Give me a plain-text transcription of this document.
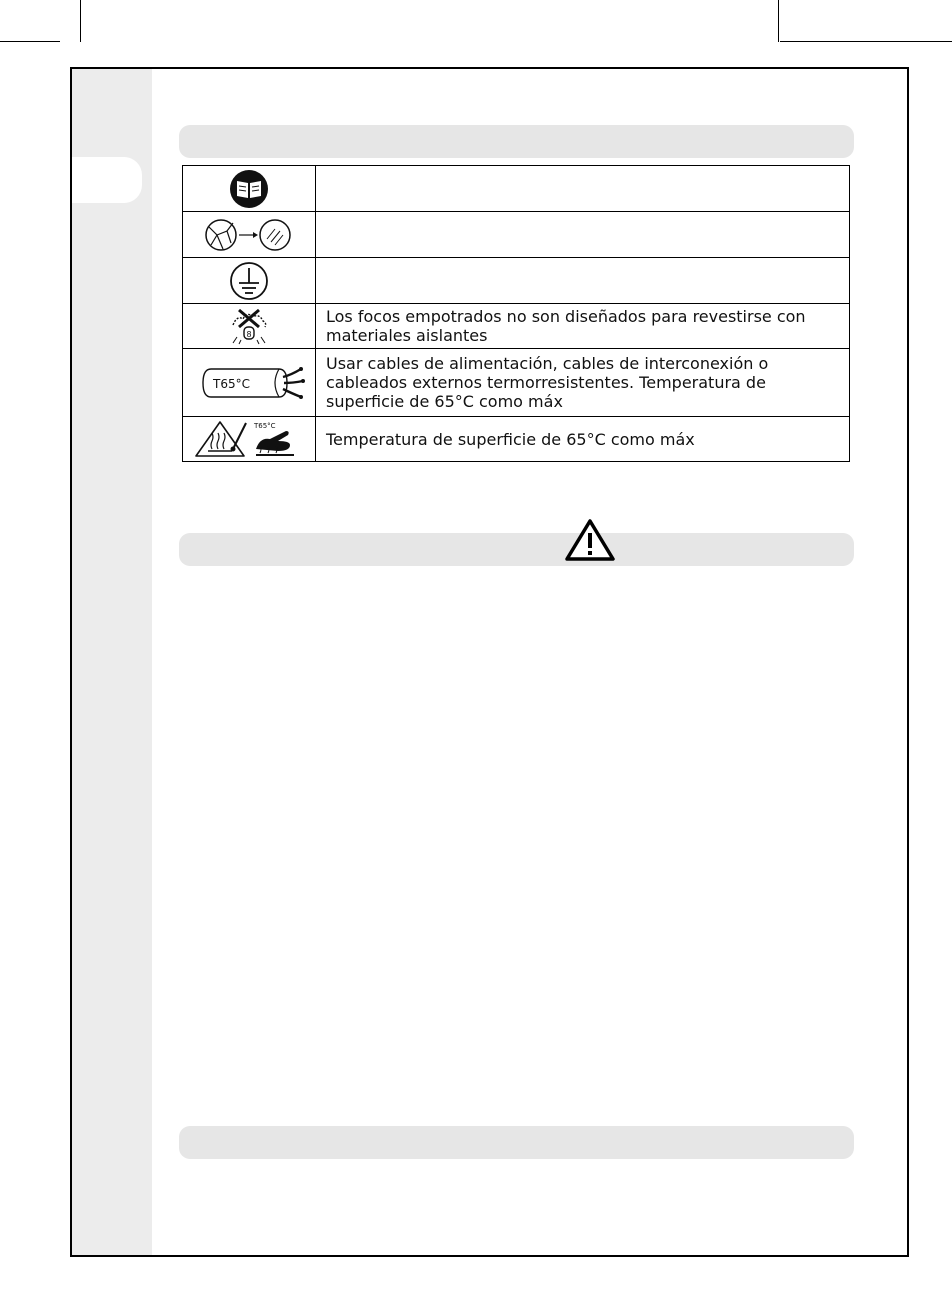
8	Los focos empotrados no son diseñados para revestirse con materiales aislantes

T65°C	Usar cables de alimentación, cables de interconexión o cableados externos termorresistentes. Temperatura de superficie de 65°C como máx

T65°C	Temperatura de superficie de 65°C como máx
